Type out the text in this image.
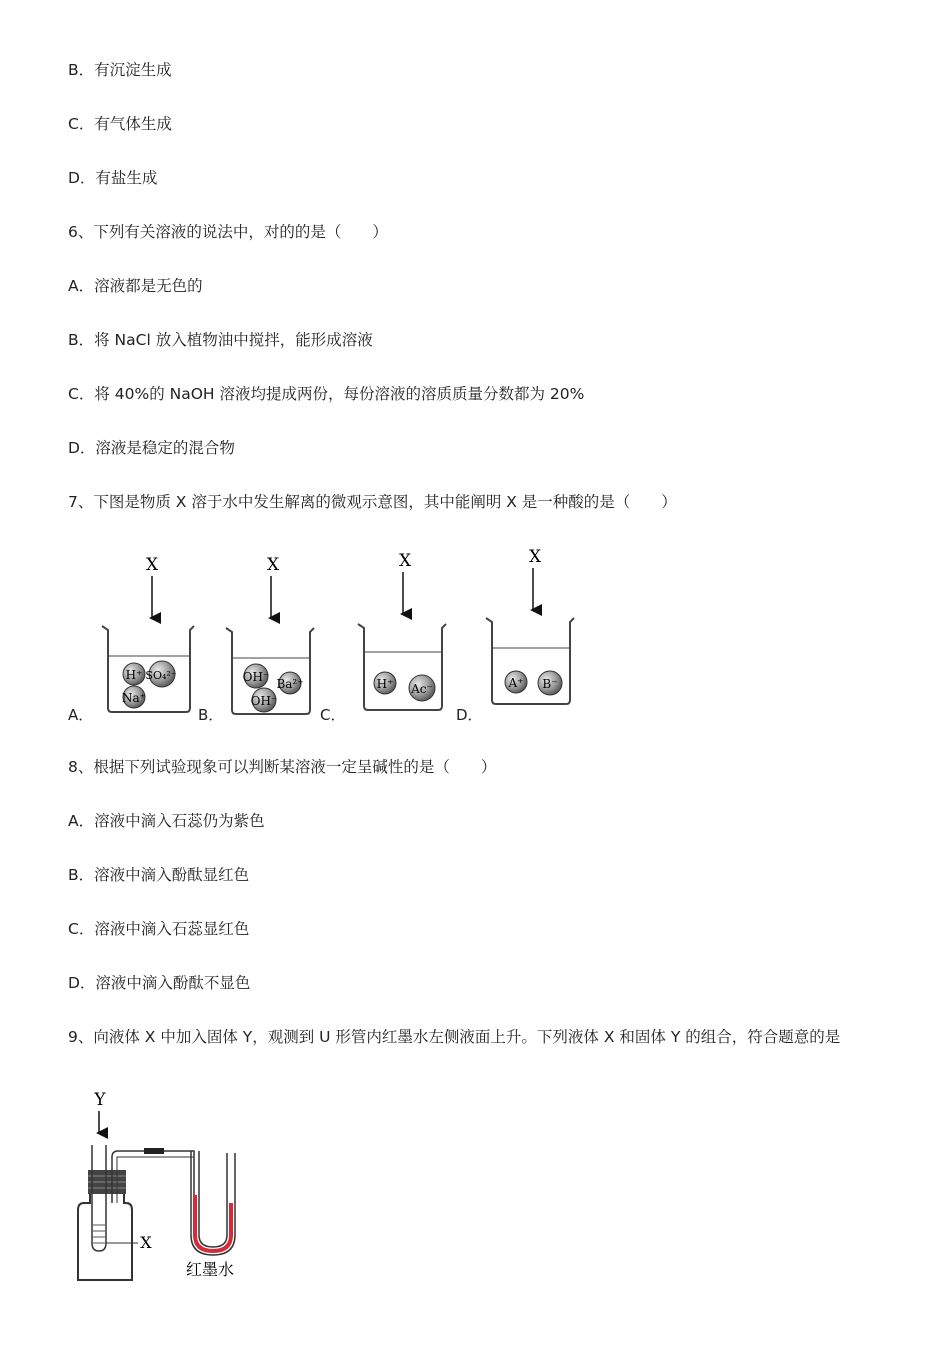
B．有沉淀生成
C．有气体生成
D．有盐生成
6、下列有关溶液的说法中，对的的是（　　）
A．溶液都是无色的
B．将 NaCl 放入植物油中搅拌，能形成溶液
C．将 40%的 NaOH 溶液均提成两份，每份溶液的溶质质量分数都为 20%
D．溶液是稳定的混合物
7、下图是物质 X 溶于水中发生解离的微观示意图，其中能阐明 X 是一种酸的是（　　）
X
H⁺ SO₄²⁻
Na⁺
X
OH⁻ Ba²⁺
OH⁻
X
H⁺ Ac⁻
X
A⁺ B⁻
A．	B．	C．	D．
8、根据下列试验现象可以判断某溶液一定呈碱性的是（　　）
A．溶液中滴入石蕊仍为紫色
B．溶液中滴入酚酞显红色
C．溶液中滴入石蕊显红色
D．溶液中滴入酚酞不显色
9、向液体 X 中加入固体 Y，观测到 U 形管内红墨水左侧液面上升。下列液体 X 和固体 Y 的组合，符合题意的是
Y
X
红墨水
